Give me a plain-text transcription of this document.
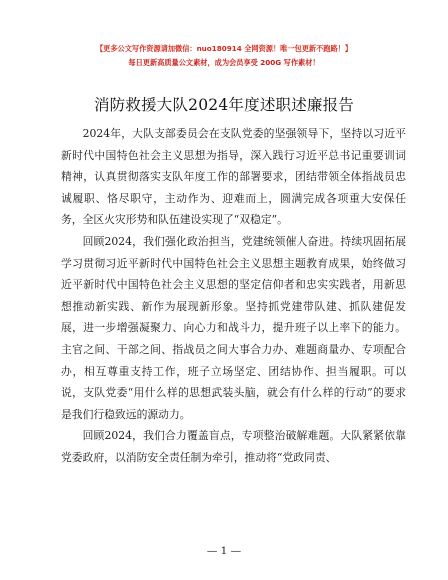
【更多公文写作资源请加微信：nuo180914 全网资源！唯一包更新不跑路！】
每日更新高质量公文素材，成为会员享受 200G 写作素材！
消防救援大队2024年度述职述廉报告

2024年，大队支部委员会在支队党委的坚强领导下，坚持以习近平新时代中国特色社会主义思想为指导，深入践行习近平总书记重要训词精神，认真贯彻落实支队年度工作的部署要求，团结带领全体指战员忠诚履职、恪尽职守，主动作为、迎难而上，圆满完成各项重大安保任务，全区火灾形势和队伍建设实现了“双稳定”。

回顾2024，我们强化政治担当，党建统领催人奋进。持续巩固拓展学习贯彻习近平新时代中国特色社会主义思想主题教育成果，始终做习近平新时代中国特色社会主义思想的坚定信仰者和忠实实践者，用新思想推动新实践、新作为展现新形象。坚持抓党建带队建、抓队建促发展，进一步增强凝聚力、向心力和战斗力，提升班子以上率下的能力。主官之间、干部之间、指战员之间大事合力办、难题商量办、专项配合办，相互尊重支持工作，班子立场坚定、团结协作、担当履职。可以说，支队党委“用什么样的思想武装头脑，就会有什么样的行动”的要求是我们行稳致远的源动力。

回顾2024，我们合力覆盖盲点，专项整治破解难题。大队紧紧依靠党委政府，以消防安全责任制为牵引，推动将“党政同责、

— 1 —
